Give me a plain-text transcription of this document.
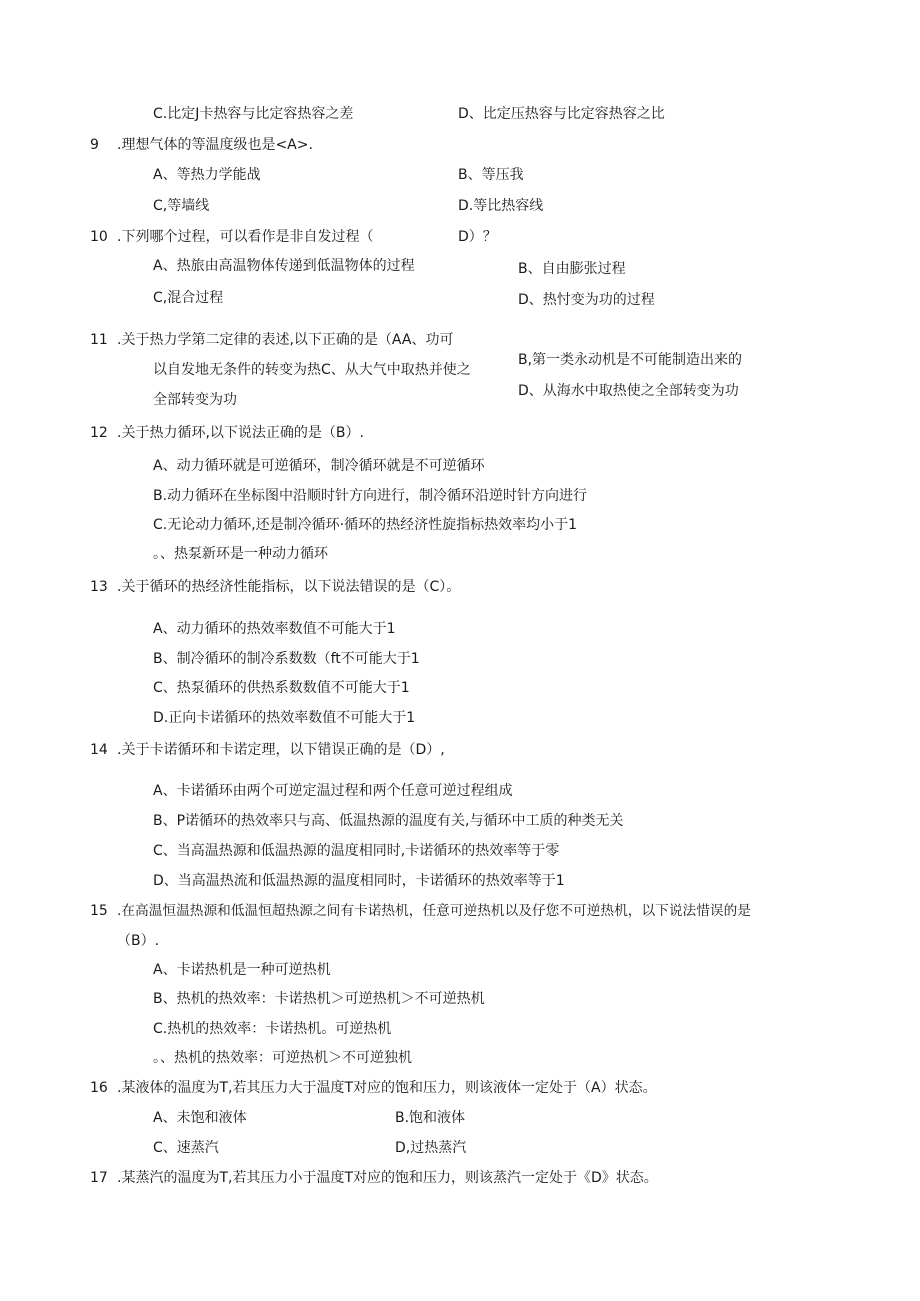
C.比定J卡热容与比定容热容之差	D、比定压热容与比定容热容之比
9 .理想气体的等温度级也是<A>.
A、等热力学能战	B、等压我
C,等墙线	D.等比热容线
10 .下列哪个过程，可以看作是非自发过程（	D）？
A、热旅由高温物体传递到低温物体的过程	B、自由膨张过程
C,混合过程	D、热忖变为功的过程
11 .关于热力学第二定律的表述,以下正确的是（AA、功可
以自发地无条件的转变为热C、从大气中取热并使之
全部转变为功
B,第一类永动机是不可能制造出来的
D、从海水中取热使之全部转变为功
12 .关于热力循环,以下说法正确的是（B）.
A、动力循环就是可逆循环，制冷循环就是不可逆循环
B.动力循环在坐标图中沿顺时针方向进行，制冷循环沿逆时针方向进行
C.无论动力循环,还是制冷循环·循环的热经济性旋指标热效率均小于1
。、热泵新环是一种动力循环
13 .关于循环的热经济性能指标，以下说法错误的是（C）。
A、动力循环的热效率数值不可能大于1
B、制冷循环的制冷系数数（ft不可能大于1
C、热泵循环的供热系数数值不可能大于1
D.正向卡诺循环的热效率数值不可能大于1
14 .关于卡诺循环和卡诺定理，以下错误正确的是（D）,
A、卡诺循环由两个可逆定温过程和两个任意可逆过程组成
B、P诺循环的热效率只与高、低温热源的温度有关,与循环中工质的种类无关
C、当高温热源和低温热源的温度相同时,卡诺循环的热效率等于零
D、当高温热流和低温热源的温度相同时，卡诺循环的热效率等于1
15 .在高温恒温热源和低温恒超热源之间有卡诺热机，任意可逆热机以及仔您不可逆热机，以下说法惜误的是
（B）.
A、卡诺热机是一种可逆热机
B、热机的热效率：卡诺热机＞可逆热机＞不可逆热机
C.热机的热效率：卡诺热机。可逆热机
。、热机的热效率：可逆热机＞不可逆独机
16 .某液体的温度为T,若其压力大于温度T对应的饱和压力，则该液体一定处于（A）状态。
A、未饱和液体	B.饱和液体
C、速蒸汽	D,过热蒸汽
17 .某蒸汽的温度为T,若其压力小于温度T对应的饱和压力，则该蒸汽一定处于《D》状态。
